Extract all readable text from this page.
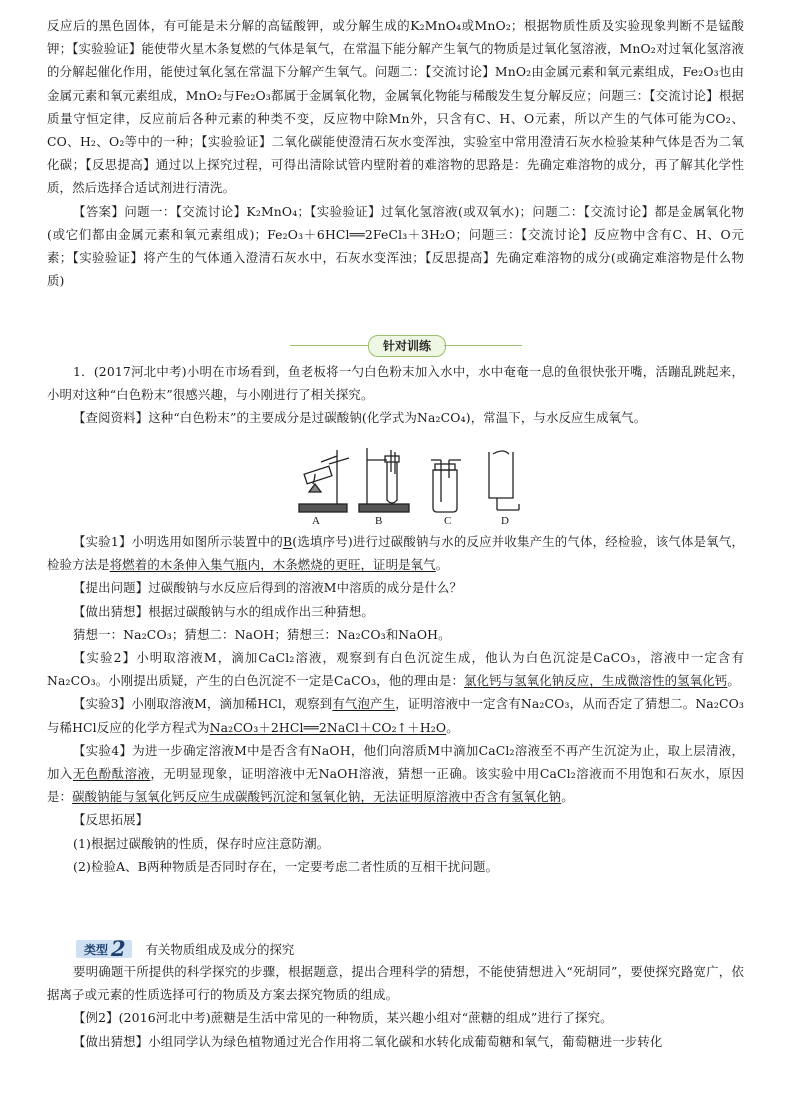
反应后的黑色固体，有可能是未分解的高锰酸钾，或分解生成的K₂MnO₄或MnO₂；根据物质性质及实验现象判断不是锰酸钾；【实验验证】能使带火星木条复燃的气体是氧气，在常温下能分解产生氧气的物质是过氧化氢溶液，MnO₂对过氧化氢溶液的分解起催化作用，能使过氧化氢在常温下分解产生氧气。问题二：【交流讨论】MnO₂由金属元素和氧元素组成，Fe₂O₃也由金属元素和氧元素组成，MnO₂与Fe₂O₃都属于金属氧化物，金属氧化物能与稀酸发生复分解反应；问题三：【交流讨论】根据质量守恒定律，反应前后各种元素的种类不变，反应物中除Mn外，只含有C、H、O元素，所以产生的气体可能为CO₂、CO、H₂、O₂等中的一种；【实验验证】二氧化碳能使澄清石灰水变浑浊，实验室中常用澄清石灰水检验某种气体是否为二氧化碳；【反思提高】通过以上探究过程，可得出清除试管内壁附着的难溶物的思路是：先确定难溶物的成分，再了解其化学性质，然后选择合适试剂进行清洗。

【答案】问题一：【交流讨论】K₂MnO₄；【实验验证】过氧化氢溶液(或双氧水)；问题二：【交流讨论】都是金属氧化物(或它们都由金属元素和氧元素组成)；Fe₂O₃＋6HCl══2FeCl₃＋3H₂O；问题三：【交流讨论】反应物中含有C、H、O元素；【实验验证】将产生的气体通入澄清石灰水中，石灰水变浑浊；【反思提高】先确定难溶物的成分(或确定难溶物是什么物质)

针对训练

1．(2017河北中考)小明在市场看到，鱼老板将一勺白色粉末加入水中，水中奄奄一息的鱼很快张开嘴，活蹦乱跳起来，小明对这种“白色粉末”很感兴趣，与小刚进行了相关探究。

【查阅资料】这种“白色粉末”的主要成分是过碳酸钠(化学式为Na₂CO₄)，常温下，与水反应生成氧气。

A	B	C	D

【实验1】小明选用如图所示装置中的B(选填序号)进行过碳酸钠与水的反应并收集产生的气体，经检验，该气体是氧气，检验方法是将燃着的木条伸入集气瓶内，木条燃烧的更旺，证明是氧气。

【提出问题】过碳酸钠与水反应后得到的溶液M中溶质的成分是什么？

【做出猜想】根据过碳酸钠与水的组成作出三种猜想。

猜想一：Na₂CO₃；猜想二：NaOH；猜想三：Na₂CO₃和NaOH。

【实验2】小明取溶液M，滴加CaCl₂溶液，观察到有白色沉淀生成，他认为白色沉淀是CaCO₃，溶液中一定含有Na₂CO₃。小刚提出质疑，产生的白色沉淀不一定是CaCO₃，他的理由是：氯化钙与氢氧化钠反应，生成微溶性的氢氧化钙。

【实验3】小刚取溶液M，滴加稀HCl，观察到有气泡产生，证明溶液中一定含有Na₂CO₃，从而否定了猜想二。Na₂CO₃与稀HCl反应的化学方程式为Na₂CO₃＋2HCl══2NaCl＋CO₂↑＋H₂O。

【实验4】为进一步确定溶液M中是否含有NaOH，他们向溶质M中滴加CaCl₂溶液至不再产生沉淀为止，取上层清液，加入无色酚酞溶液，无明显现象，证明溶液中无NaOH溶液，猜想一正确。该实验中用CaCl₂溶液而不用饱和石灰水，原因是：碳酸钠能与氢氧化钙反应生成碳酸钙沉淀和氢氧化钠，无法证明原溶液中否含有氢氧化钠。

【反思拓展】

(1)根据过碳酸钠的性质，保存时应注意防潮。

(2)检验A、B两种物质是否同时存在，一定要考虑二者性质的互相干扰问题。

类型 2 有关物质组成及成分的探究

要明确题干所提供的科学探究的步骤，根据题意，提出合理科学的猜想，不能使猜想进入“死胡同”，要使探究路宽广，依据离子或元素的性质选择可行的物质及方案去探究物质的组成。

【例2】(2016河北中考)蔗糖是生活中常见的一种物质，某兴趣小组对“蔗糖的组成”进行了探究。

【做出猜想】小组同学认为绿色植物通过光合作用将二氧化碳和水转化成葡萄糖和氧气，葡萄糖进一步转化
